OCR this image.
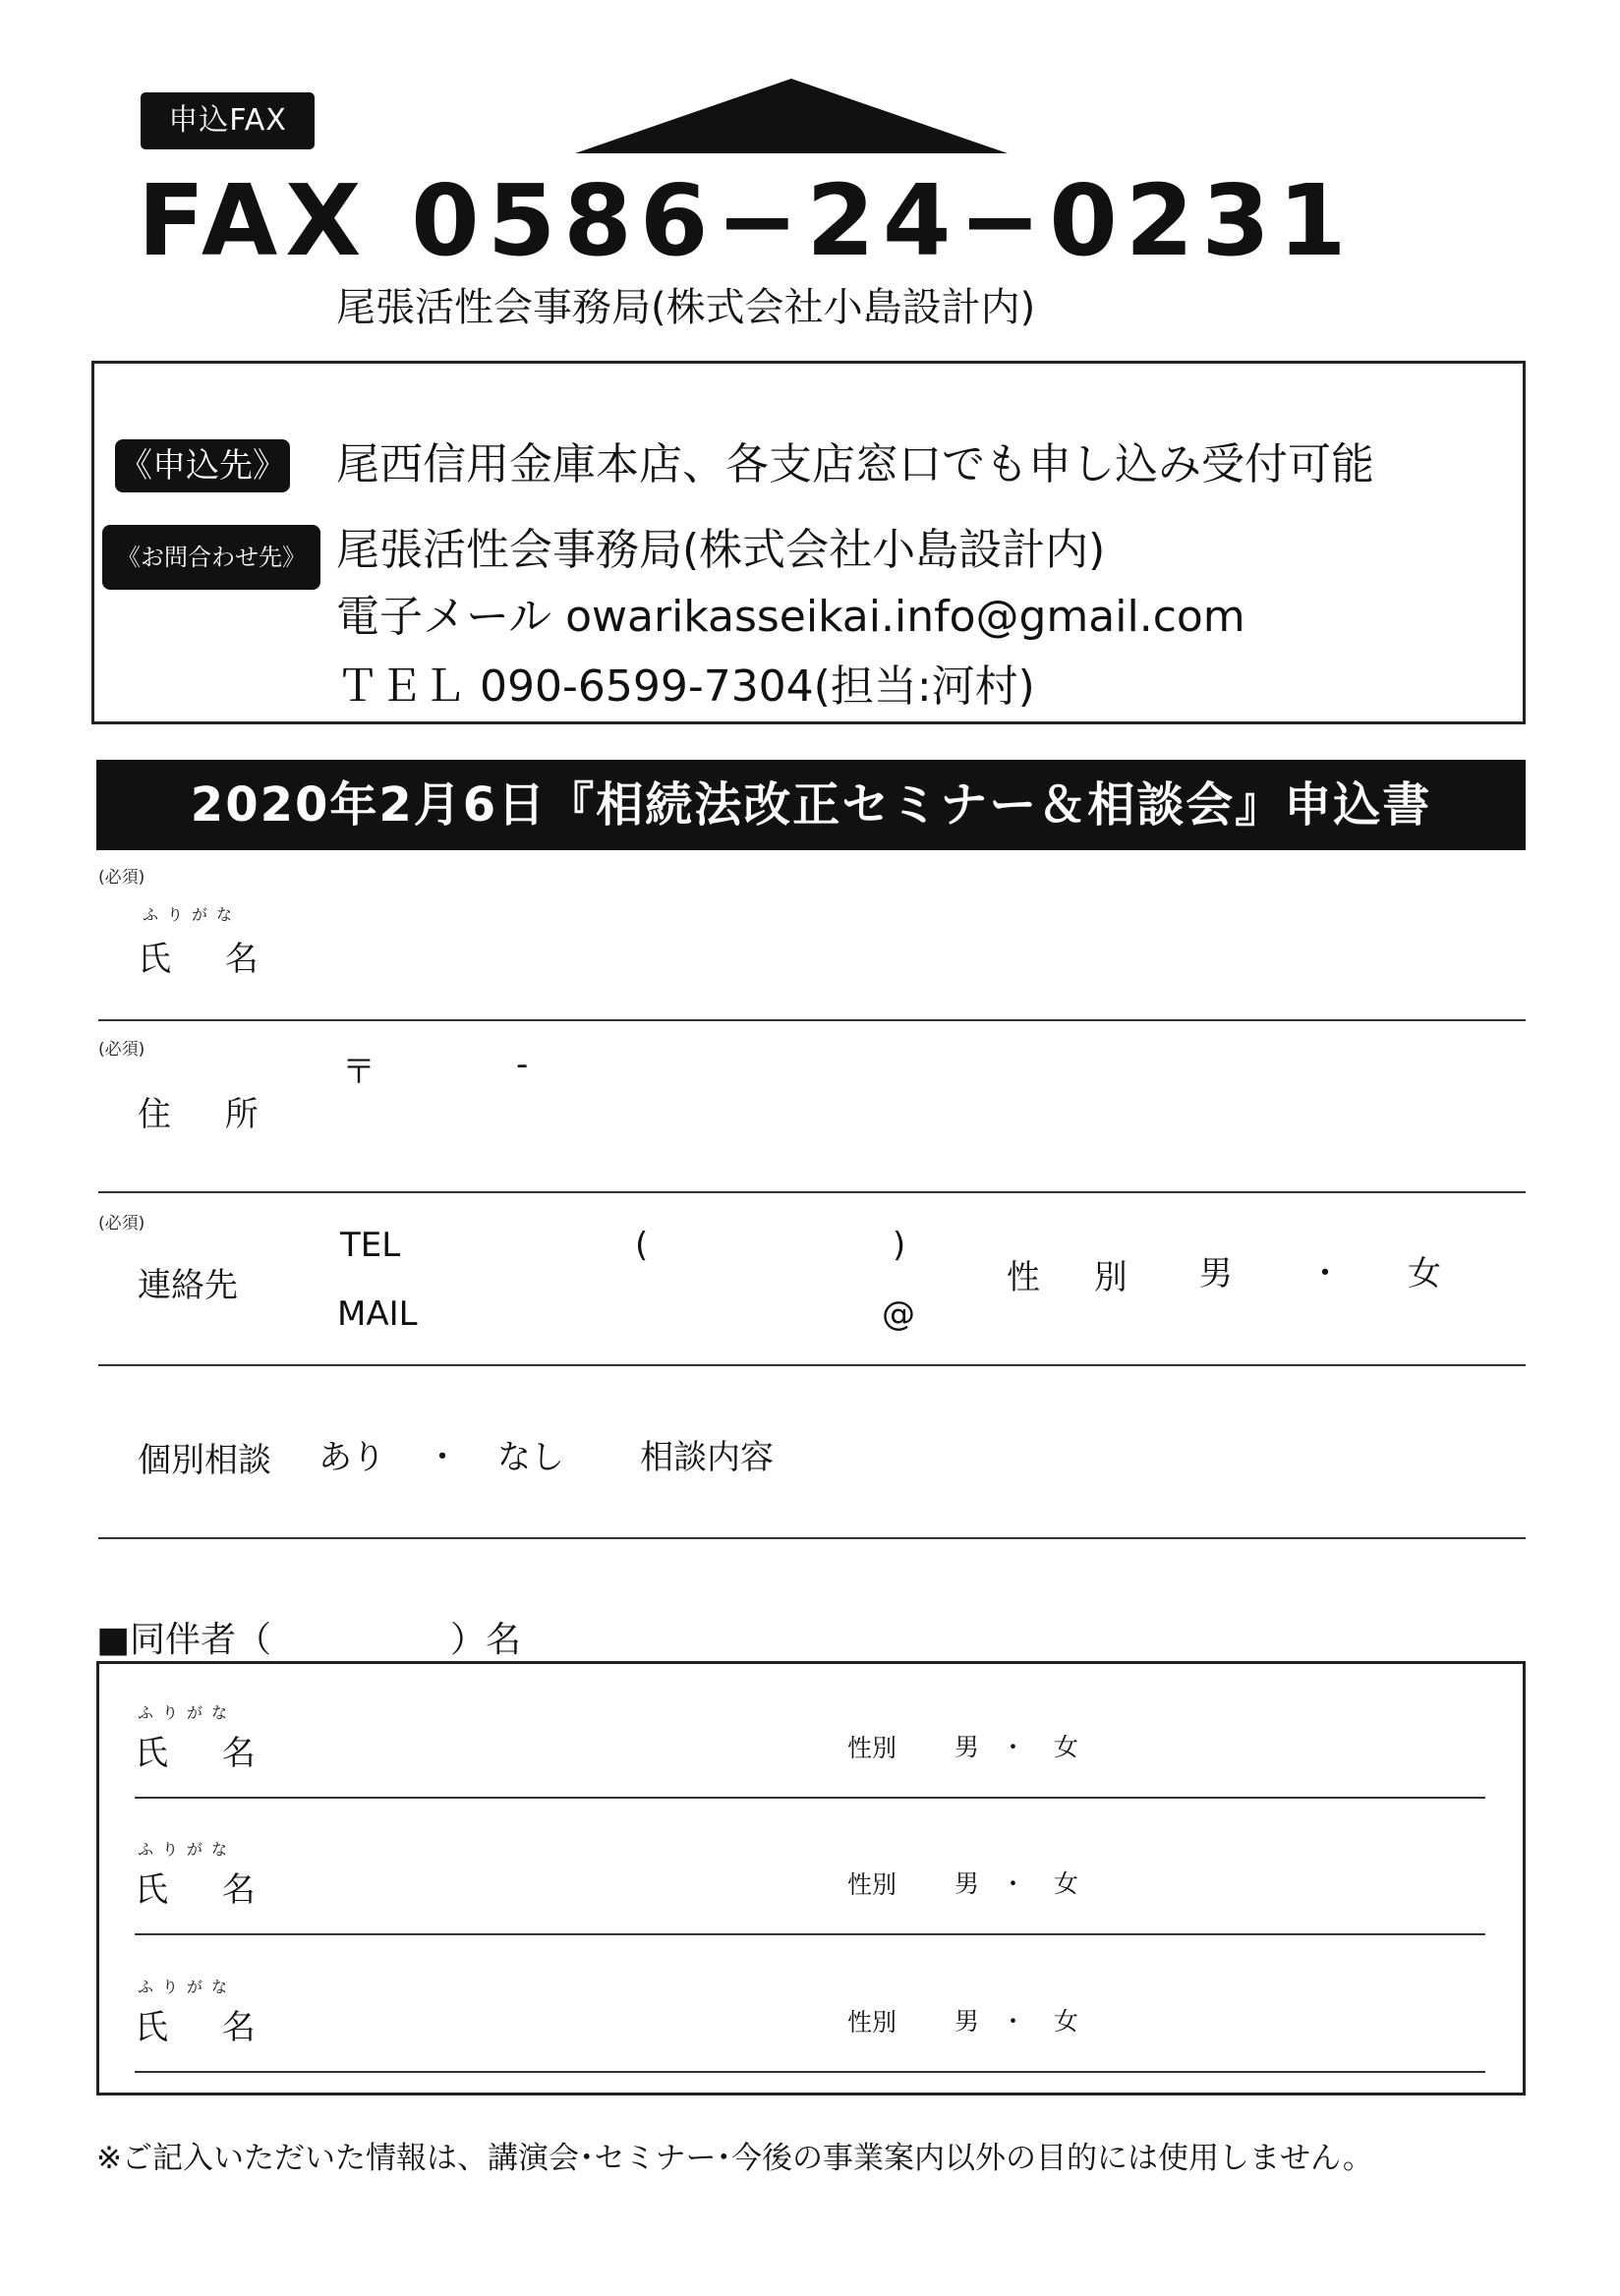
申込FAX
FAX 0586−24−0231
尾張活性会事務局(株式会社小島設計内)
《申込先》 尾西信用金庫本店、各支店窓口でも申し込み受付可能
《お問合わせ先》 尾張活性会事務局(株式会社小島設計内)
電子メール owarikasseikai.info@gmail.com
ＴＥＬ 090-6599-7304(担当:河村)
2020年2月6日『相続法改正セミナー＆相談会』申込書
(必須)
ふりがな
氏 名
(必須)
〒	-
住 所
(必須)
連絡先
TEL	(	)
MAIL	@
性 別 男 ・ 女
個別相談 あり ・ なし 相談内容
■同伴者（	）名
ふりがな
氏 名	性別 男 ・ 女
ふりがな
氏 名	性別 男 ・ 女
ふりがな
氏 名	性別 男 ・ 女
※ご記入いただいた情報は、講演会･セミナー･今後の事業案内以外の目的には使用しません。
